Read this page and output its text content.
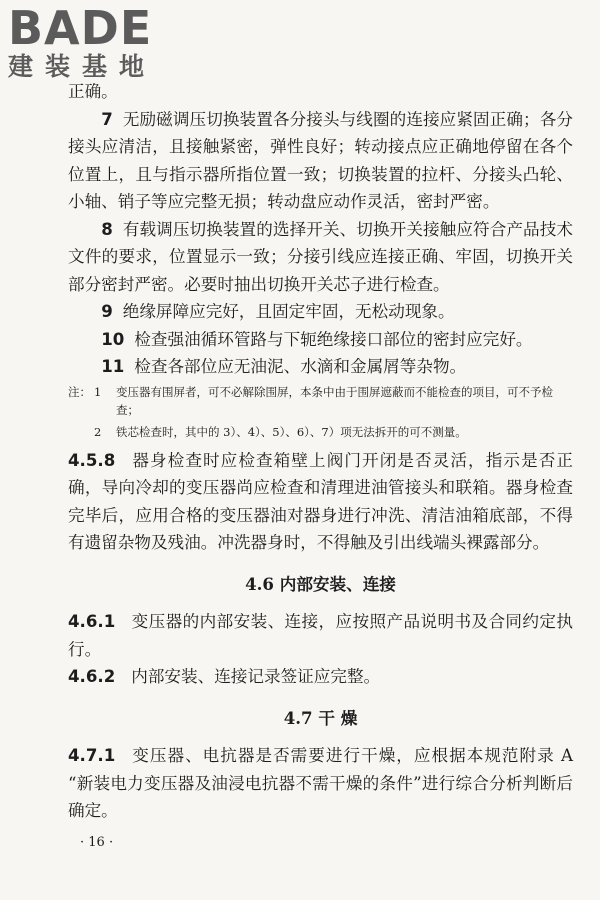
BADE
建装基地

正确。

7 无励磁调压切换装置各分接头与线圈的连接应紧固正确；各分接头应清洁，且接触紧密，弹性良好；转动接点应正确地停留在各个位置上，且与指示器所指位置一致；切换装置的拉杆、分接头凸轮、小轴、销子等应完整无损；转动盘应动作灵活，密封严密。

8 有载调压切换装置的选择开关、切换开关接触应符合产品技术文件的要求，位置显示一致；分接引线应连接正确、牢固，切换开关部分密封严密。必要时抽出切换开关芯子进行检查。

9 绝缘屏障应完好，且固定牢固，无松动现象。

10 检查强油循环管路与下轭绝缘接口部位的密封应完好。

11 检查各部位应无油泥、水滴和金属屑等杂物。

注： 1	变压器有围屏者，可不必解除围屏，本条中由于围屏遮蔽而不能检查的项目，可不予检查；
2	铁芯检查时，其中的 3）、4）、5）、6）、7）项无法拆开的可不测量。

4.5.8 器身检查时应检查箱壁上阀门开闭是否灵活，指示是否正确，导向冷却的变压器尚应检查和清理进油管接头和联箱。器身检查完毕后，应用合格的变压器油对器身进行冲洗、清洁油箱底部，不得有遗留杂物及残油。冲洗器身时，不得触及引出线端头裸露部分。

4.6 内部安装、连接

4.6.1 变压器的内部安装、连接，应按照产品说明书及合同约定执行。

4.6.2 内部安装、连接记录签证应完整。

4.7 干 燥

4.7.1 变压器、电抗器是否需要进行干燥，应根据本规范附录 A “新装电力变压器及油浸电抗器不需干燥的条件”进行综合分析判断后确定。

· 16 ·
